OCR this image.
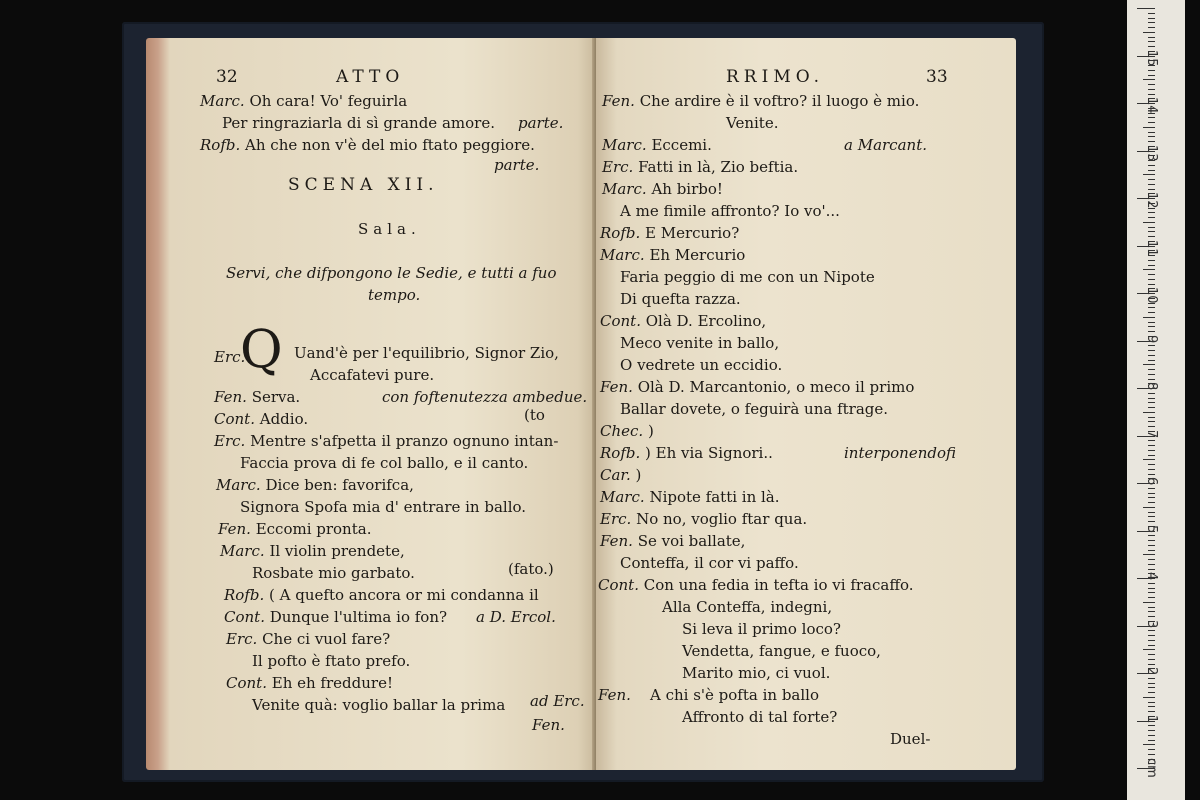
32	ATTO
Marc. Oh cara! Vo' feguirla
Per ringraziarla di sì grande amore. parte.
Rofb. Ah che non v'è del mio ftato peggiore.
parte.
SCENA XII.
Sala.
Servi, che difpongono le Sedie, e tutti a fuo
tempo.
Erc.	Uand'è per l'equilibrio, Signor Zio,
Accafatevi pure.
Fen. Serva.	con foftenutezza ambedue.
Cont. Addio.	(to
Erc. Mentre s'afpetta il pranzo ognuno intan-
Faccia prova di fe col ballo, e il canto.
Marc. Dice ben: favorifca,
Signora Spofa mia d' entrare in ballo.
Fen. Eccomi pronta.
Marc. Il violin prendete,
Rosbate mio garbato.	(fato.)
Rofb. ( A quefto ancora or mi condanna il
Cont. Dunque l'ultima io fon? a D. Ercol.
Erc. Che ci vuol fare?
Il pofto è ftato prefo.
Cont. Eh eh freddure!
Venite quà: voglio ballar la prima ad Erc.
Fen.
Q
RRIMO.	33
Fen. Che ardire è il voftro? il luogo è mio.
Venite.
Marc. Eccemi.	a Marcant.
Erc. Fatti in là, Zio beftia.
Marc. Ah birbo!
A me fimile affronto? Io vo'...
Rofb. E Mercurio?
Marc. Eh Mercurio
Faria peggio di me con un Nipote
Di quefta razza.
Cont. Olà D. Ercolino,
Meco venite in ballo,
O vedrete un eccidio.
Fen. Olà D. Marcantonio, o meco il primo
Ballar dovete, o feguirà una ftrage.
Chec. )
Rofb. ) Eh via Signori..	interponendofi
Car. )
Marc. Nipote fatti in là.
Erc. No no, voglio ftar qua.
Fen. Se voi ballate,
Conteffa, il cor vi paffo.
Cont. Con una fedia in tefta io vi fracaffo.
Alla Conteffa, indegni,
Si leva il primo loco?
Vendetta, fangue, e fuoco,
Marito mio, ci vuol.
Fen. A chi s'è pofta in ballo
Affronto di tal forte?
Duel-
1
2
3
4
5
6
7
8
9
10
11
12
13
14
15
cm
